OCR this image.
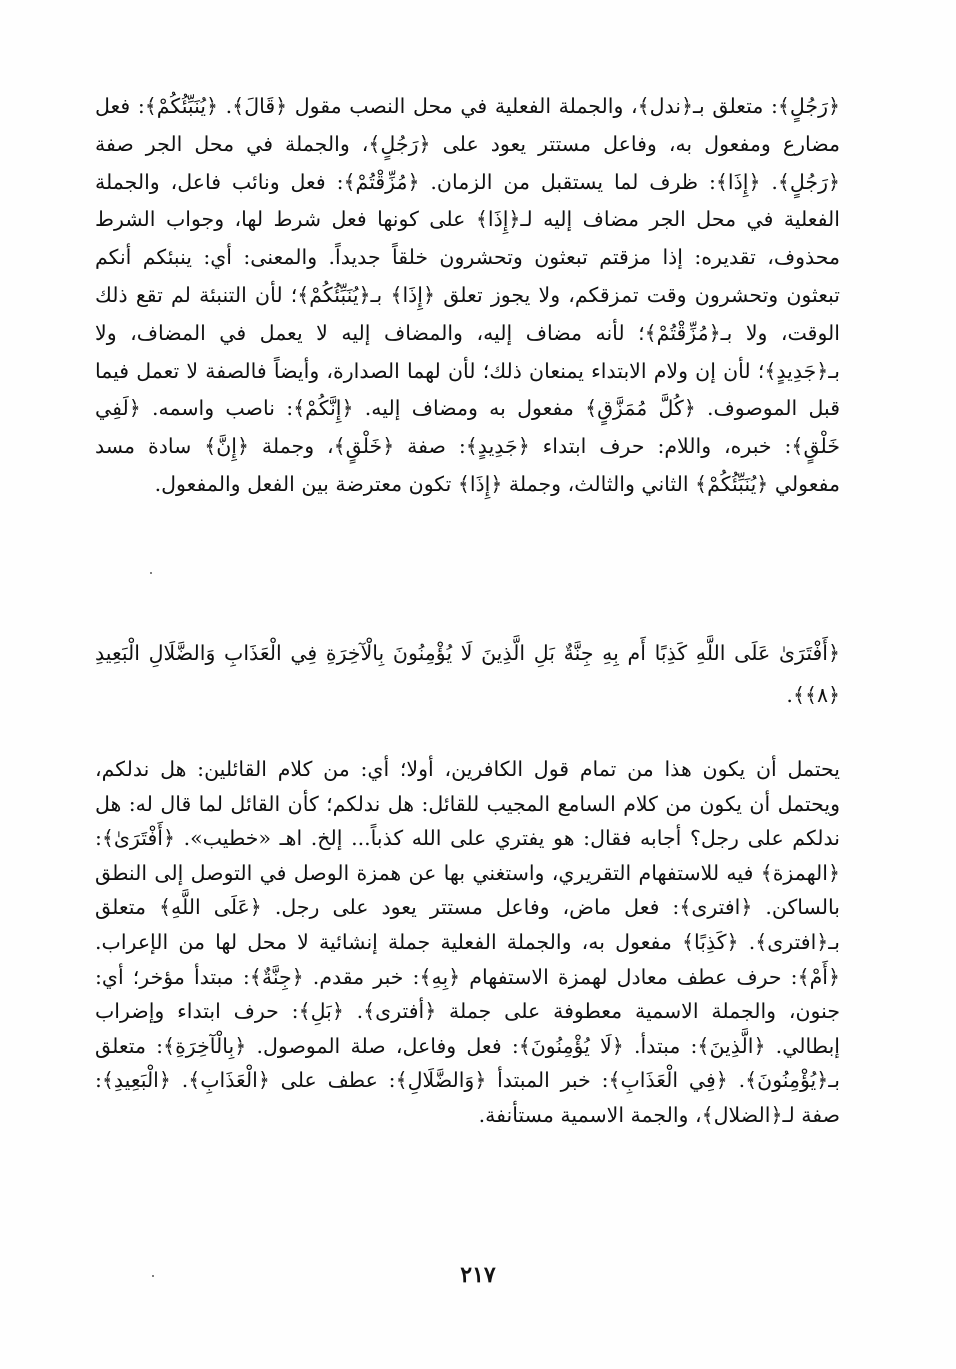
﴿رَجُلٍ﴾: متعلق بـ﴿ندل﴾، والجملة الفعلية في محل النصب مقول ﴿قَالَ﴾. ﴿يُنَبِّئُكُمْ﴾: فعل مضارع ومفعول به، وفاعل مستتر يعود على ﴿رَجُلٍ﴾، والجملة في محل الجر صفة ﴿رَجُلٍ﴾. ﴿إِذَا﴾: ظرف لما يستقبل من الزمان. ﴿مُزِّقْتُمْ﴾: فعل ونائب فاعل، والجملة الفعلية في محل الجر مضاف إليه لـ﴿إِذَا﴾ على كونها فعل شرط لها، وجواب الشرط محذوف، تقديره: إذا مزقتم تبعثون وتحشرون خلقاً جديداً. والمعنى: أي: ينبئكم أنكم تبعثون وتحشرون وقت تمزقكم، ولا يجوز تعلق ﴿إِذَا﴾ بـ﴿يُنَبِّئُكُمْ﴾؛ لأن التنبئة لم تقع ذلك الوقت، ولا بـ﴿مُزِّقْتُمْ﴾؛ لأنه مضاف إليه، والمضاف إليه لا يعمل في المضاف، ولا بـ﴿جَدِيدٍ﴾؛ لأن إن ولام الابتداء يمنعان ذلك؛ لأن لهما الصدارة، وأيضاً فالصفة لا تعمل فيما قبل الموصوف. ﴿كُلَّ مُمَزَّقٍ﴾ مفعول به ومضاف إليه. ﴿إِنَّكُمْ﴾: ناصب واسمه. ﴿لَفِي خَلْقٍ﴾: خبره، واللام: حرف ابتداء ﴿جَدِيدٍ﴾: صفة ﴿خَلْقٍ﴾، وجملة ﴿إِنَّ﴾ سادة مسد مفعولي ﴿يُنَبِّئُكُمْ﴾ الثاني والثالث، وجملة ﴿إِذَا﴾ تكون معترضة بين الفعل والمفعول.
﴿أَفْتَرَىٰ عَلَى اللَّهِ كَذِبًا أَم بِهِ جِنَّةٌ بَلِ الَّذِينَ لَا يُؤْمِنُونَ بِالْآخِرَةِ فِي الْعَذَابِ وَالضَّلَالِ الْبَعِيدِ ﴿٨﴾﴾.
يحتمل أن يكون هذا من تمام قول الكافرين، أولا؛ أي: من كلام القائلين: هل ندلكم، ويحتمل أن يكون من كلام السامع المجيب للقائل: هل ندلكم؛ كأن القائل لما قال له: هل ندلكم على رجل؟ أجابه فقال: هو يفتري على الله كذباً... إلخ. اهـ «خطيب». ﴿أَفْتَرَىٰ﴾: ﴿الهمزة﴾ فيه للاستفهام التقريري، واستغني بها عن همزة الوصل في التوصل إلى النطق بالساكن. ﴿افترى﴾: فعل ماض، وفاعل مستتر يعود على رجل. ﴿عَلَى اللَّهِ﴾ متعلق بـ﴿افترى﴾. ﴿كَذِبًا﴾ مفعول به، والجملة الفعلية جملة إنشائية لا محل لها من الإعراب. ﴿أَمْ﴾: حرف عطف معادل لهمزة الاستفهام ﴿بِهِ﴾: خبر مقدم. ﴿جِنَّةٌ﴾: مبتدأ مؤخر؛ أي: جنون، والجملة الاسمية معطوفة على جملة ﴿أفترى﴾. ﴿بَلِ﴾: حرف ابتداء وإضراب إبطالي. ﴿الَّذِينَ﴾: مبتدأ. ﴿لَا يُؤْمِنُونَ﴾: فعل وفاعل، صلة الموصول. ﴿بِالْآخِرَةِ﴾: متعلق بـ﴿يُؤْمِنُونَ﴾. ﴿فِي الْعَذَابِ﴾: خبر المبتدأ ﴿وَالضَّلَالِ﴾: عطف على ﴿الْعَذَابِ﴾. ﴿الْبَعِيدِ﴾: صفة لـ﴿الضلال﴾، والجمة الاسمية مستأنفة.
٢١٧
